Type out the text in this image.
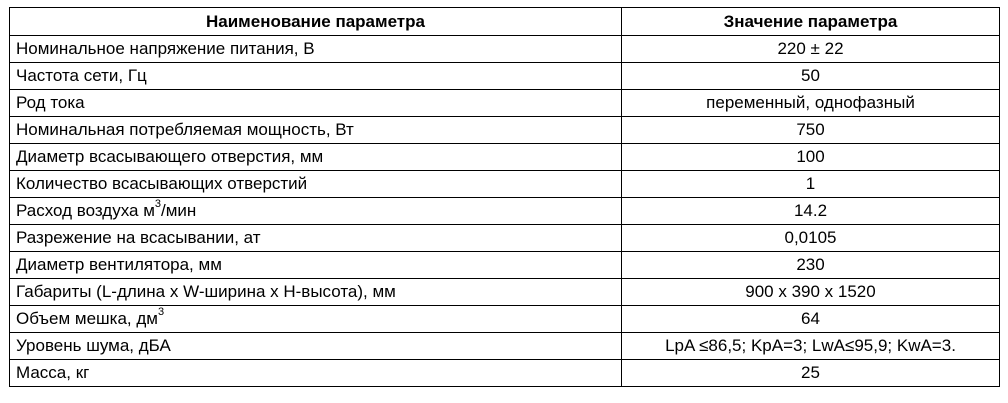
Наименование параметра	Значение параметра
Номинальное напряжение питания, В	220 ± 22
Частота сети, Гц	50
Род тока	переменный, однофазный
Номинальная потребляемая мощность, Вт	750
Диаметр всасывающего отверстия, мм	100
Количество всасывающих отверстий	1
Расход воздуха $м^3$/мин	14.2
Разрежение на всасывании, ат	0,0105
Диаметр вентилятора, мм	230
Габариты (L-длина x W-ширина x H-высота), мм	900 x 390 x 1520
Объем мешка, $дм^3$	64
Уровень шума, дБА	LpA ≤86,5; KpA=3; LwA≤95,9; KwA=3.
Масса, кг	25
